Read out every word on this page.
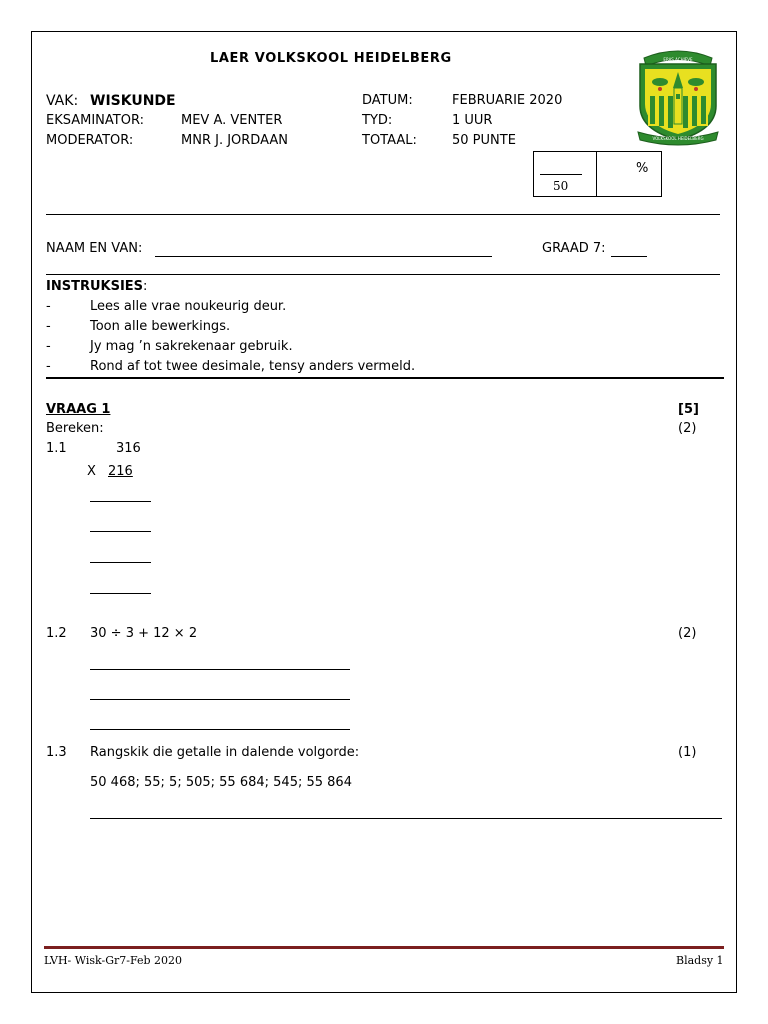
LAER VOLKSKOOL HEIDELBERG
VAK: WISKUNDE
EKSAMINATOR:	MEV A. VENTER
MODERATOR:	MNR J. JORDAAN
DATUM:	FEBRUARIE 2020
TYD:	1 UUR
TOTAAL:	50 PUNTE
ERAS ACHIEVE
VOLKSKOOL HEIDELBERG
50
%
NAAM EN VAN:	GRAAD 7:
INSTRUKSIES:
-	Lees alle vrae noukeurig deur.
-	Toon alle bewerkings.
-	Jy mag ’n sakrekenaar gebruik.
-	Rond af tot twee desimale, tensy anders vermeld.
VRAAG 1	[5]
Bereken:	(2)
1.1	316
X 216
1.2 30 ÷ 3 + 12 × 2	(2)
1.3 Rangskik die getalle in dalende volgorde:	(1)
50 468; 55; 5; 505; 55 684; 545; 55 864
LVH- Wisk-Gr7-Feb 2020	Bladsy 1
